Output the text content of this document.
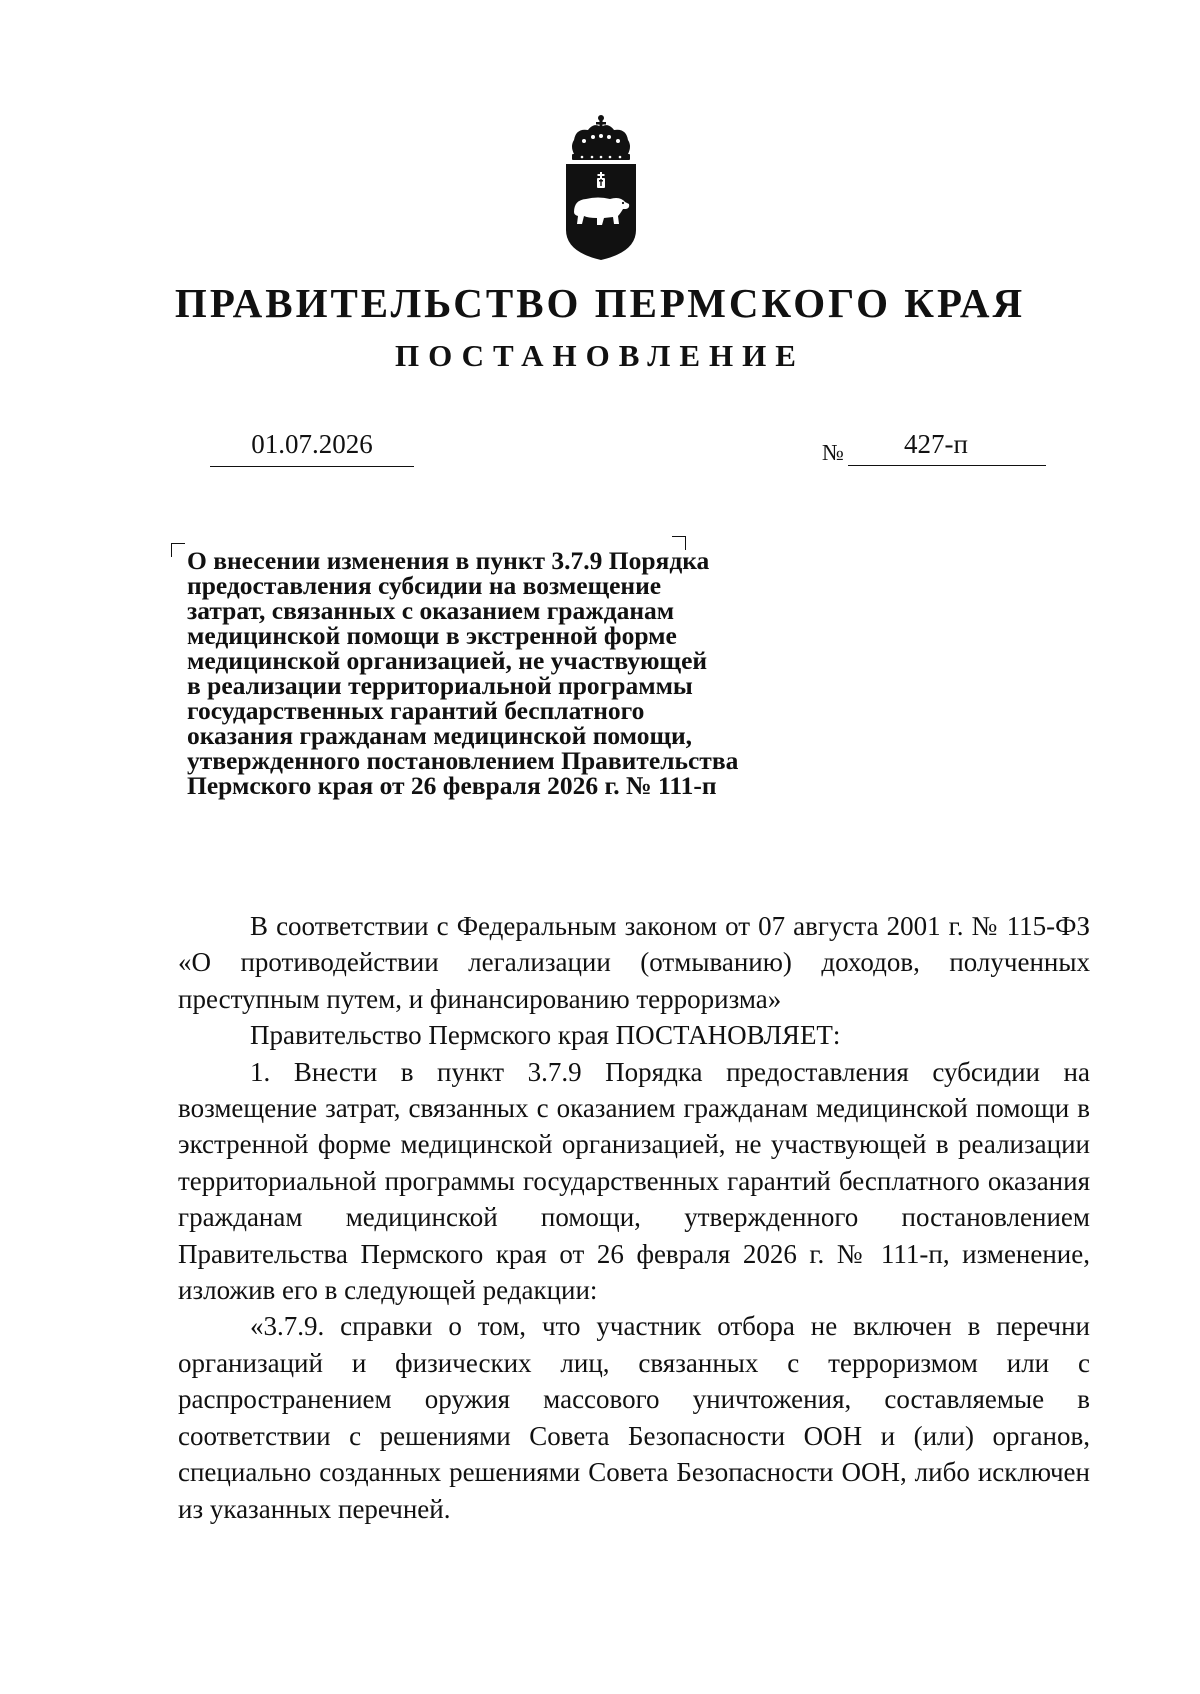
ПРАВИТЕЛЬСТВО ПЕРМСКОГО КРАЯ
ПОСТАНОВЛЕНИЕ
01.07.2026	№	427-п
О внесении изменения в пункт 3.7.9 Порядка
предоставления субсидии на возмещение
затрат, связанных с оказанием гражданам
медицинской помощи в экстренной форме
медицинской организацией, не участвующей
в реализации территориальной программы
государственных гарантий бесплатного
оказания гражданам медицинской помощи,
утвержденного постановлением Правительства
Пермского края от 26 февраля 2026 г. № 111-п

В соответствии с Федеральным законом от 07 августа 2001 г. № 115-ФЗ «О противодействии легализации (отмыванию) доходов, полученных преступным путем, и финансированию терроризма»

Правительство Пермского края ПОСТАНОВЛЯЕТ:

1. Внести в пункт 3.7.9 Порядка предоставления субсидии на возмещение затрат, связанных с оказанием гражданам медицинской помощи в экстренной форме медицинской организацией, не участвующей в реализации территориальной программы государственных гарантий бесплатного оказания гражданам медицинской помощи, утвержденного постановлением Правительства Пермского края от 26 февраля 2026 г. № 111-п, изменение, изложив его в следующей редакции:

«3.7.9. справки о том, что участник отбора не включен в перечни организаций и физических лиц, связанных с терроризмом или с распространением оружия массового уничтожения, составляемые в соответствии с решениями Совета Безопасности ООН и (или) органов, специально созданных решениями Совета Безопасности ООН, либо исключен из указанных перечней.
